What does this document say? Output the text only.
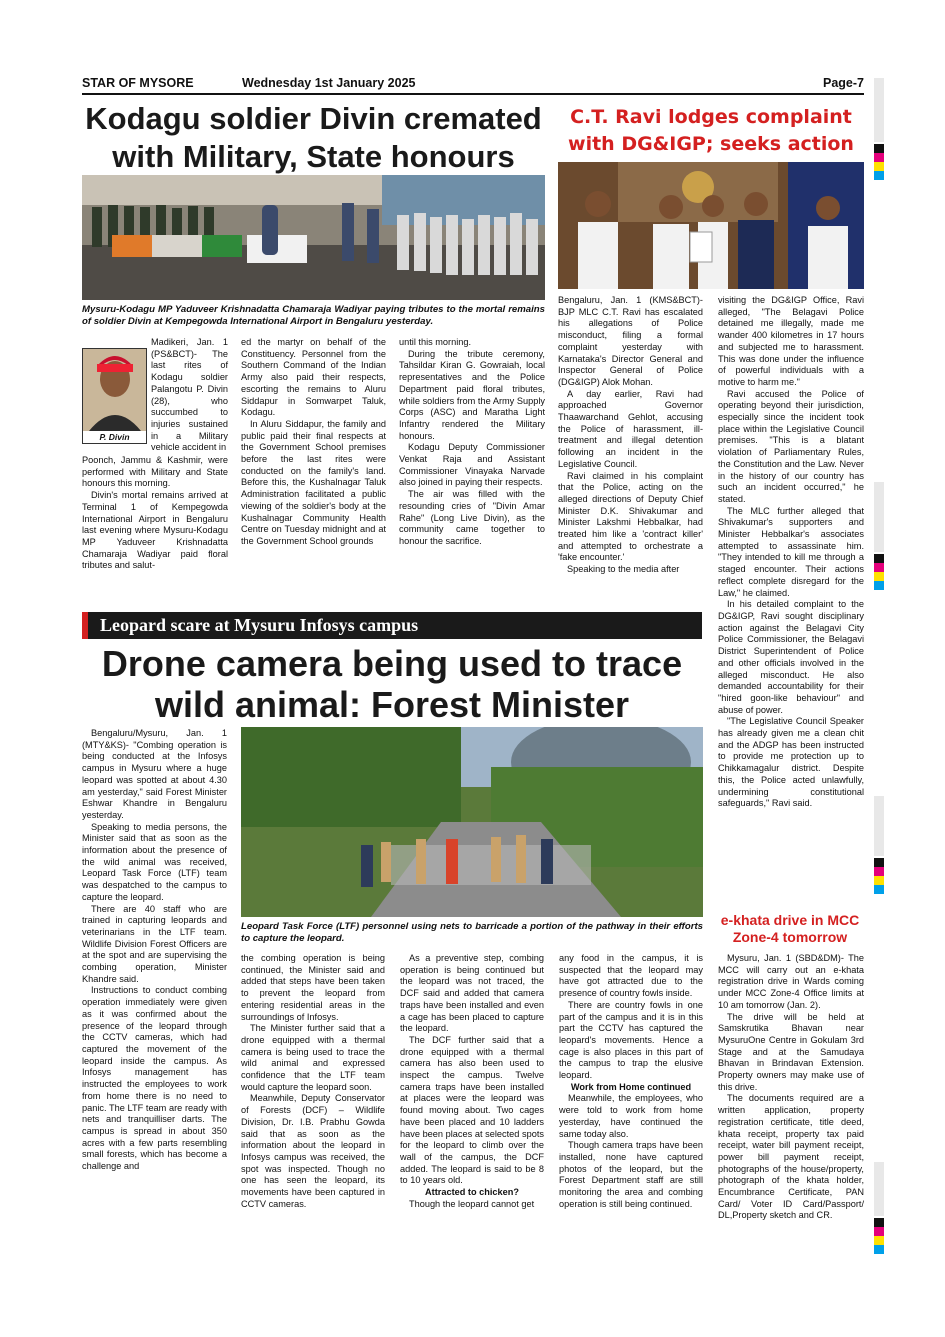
STAR OF MYSORE	Wednesday 1st January 2025	Page-7
Kodagu soldier Divin cremated
with Military, State honours
C.T. Ravi lodges complaint
with DG&IGP; seeks action
Mysuru-Kodagu MP Yaduveer Krishnadatta Chamaraja Wadiyar paying tributes to the mortal remains of soldier Divin at Kempegowda International Airport in Bengaluru yesterday.
P. Divin

Madikeri, Jan. 1 (PS&BCT)- The last rites of Kodagu soldier Palangotu P. Divin (28), who succumbed to injuries sustained in a Military vehicle accident in

Poonch, Jammu & Kashmir, were performed with Military and State honours this morning.

Divin's mortal remains arrived at Terminal 1 of Kempegowda International Airport in Bengaluru last evening where Mysuru-Kodagu MP Yaduveer Krishnadatta Chamaraja Wadiyar paid floral tributes and salut-

ed the martyr on behalf of the Constituency. Personnel from the Southern Command of the Indian Army also paid their respects, escorting the remains to Aluru Siddapur in Somwarpet Taluk, Kodagu.

In Aluru Siddapur, the family and public paid their final respects at the Government School premises before the last rites were conducted on the family's land. Before this, the Kushalnagar Taluk Administration facilitated a public viewing of the soldier's body at the Kushalnagar Community Health Centre on Tuesday midnight and at the Government School grounds

until this morning.

During the tribute ceremony, Tahsildar Kiran G. Gowraiah, local representatives and the Police Department paid floral tributes, while soldiers from the Army Supply Corps (ASC) and Maratha Light Infantry rendered the Military honours.

Kodagu Deputy Commissioner Venkat Raja and Assistant Commissioner Vinayaka Narvade also joined in paying their respects.

The air was filled with the resounding cries of "Divin Amar Rahe" (Long Live Divin), as the community came together to honour the sacrifice.

Bengaluru, Jan. 1 (KMS&BCT)- BJP MLC C.T. Ravi has escalated his allegations of Police misconduct, filing a formal complaint yesterday with Karnataka's Director General and Inspector General of Police (DG&IGP) Alok Mohan.

A day earlier, Ravi had approached Governor Thaawarchand Gehlot, accusing the Police of harassment, ill-treatment and illegal detention following an incident in the Legislative Council.

Ravi claimed in his complaint that the Police, acting on the alleged directions of Deputy Chief Minister D.K. Shivakumar and Minister Lakshmi Hebbalkar, had treated him like a 'contract killer' and attempted to orchestrate a 'fake encounter.'

Speaking to the media after

visiting the DG&IGP Office, Ravi alleged, "The Belagavi Police detained me illegally, made me wander 400 kilometres in 17 hours and subjected me to harassment. This was done under the influence of powerful individuals with a motive to harm me."

Ravi accused the Police of operating beyond their jurisdiction, especially since the incident took place within the Legislative Council premises. "This is a blatant violation of Parliamentary Rules, the Constitution and the Law. Never in the history of our country has such an incident occurred," he stated.

The MLC further alleged that Shivakumar's supporters and Minister Hebbalkar's associates attempted to assassinate him. "They intended to kill me through a staged encounter. Their actions reflect complete disregard for the Law," he claimed.

In his detailed complaint to the DG&IGP, Ravi sought disciplinary action against the Belagavi City Police Commissioner, the Belagavi District Superintendent of Police and other officials involved in the alleged misconduct. He also demanded accountability for their "hired goon-like behaviour" and abuse of power.

"The Legislative Council Speaker has already given me a clean chit and the ADGP has been instructed to provide me protection up to Chikkamagalur district. Despite this, the Police acted unlawfully, undermining constitutional safeguards," Ravi said.

Leopard scare at Mysuru Infosys campus
Drone camera being used to trace
wild animal: Forest Minister
Leopard Task Force (LTF) personnel using nets to barricade a portion of the pathway in their efforts to capture the leopard.

Bengaluru/Mysuru, Jan. 1 (MTY&KS)- "Combing operation is being conducted at the Infosys campus in Mysuru where a huge leopard was spotted at about 4.30 am yesterday," said Forest Minister Eshwar Khandre in Bengaluru yesterday.

Speaking to media persons, the Minister said that as soon as the information about the presence of the wild animal was received, Leopard Task Force (LTF) team was despatched to the campus to capture the leopard.

There are 40 staff who are trained in capturing leopards and veterinarians in the LTF team. Wildlife Division Forest Officers are at the spot and are supervising the combing operation, Minister Khandre said.

Instructions to conduct combing operation immediately were given as it was confirmed about the presence of the leopard through the CCTV cameras, which had captured the movement of the leopard inside the campus. As Infosys management has instructed the employees to work from home there is no need to panic. The LTF team are ready with nets and tranquilliser darts. The campus is spread in about 350 acres with a few parts resembling small forests, which has become a challenge and

the combing operation is being continued, the Minister said and added that steps have been taken to prevent the leopard from entering residential areas in the surroundings of Infosys.

The Minister further said that a drone equipped with a thermal camera is being used to trace the wild animal and expressed confidence that the LTF team would capture the leopard soon.

Meanwhile, Deputy Conservator of Forests (DCF) – Wildlife Division, Dr. I.B. Prabhu Gowda said that as soon as the information about the leopard in Infosys campus was received, the spot was inspected. Though no one has seen the leopard, its movements have been captured in CCTV cameras.

As a preventive step, combing operation is being continued but the leopard was not traced, the DCF said and added that camera traps have been installed and even a cage has been placed to capture the leopard.

The DCF further said that a drone equipped with a thermal camera has also been used to inspect the campus. Twelve camera traps have been installed at places were the leopard was found moving about. Two cages have been placed and 10 ladders have been places at selected spots for the leopard to climb over the wall of the campus, the DCF added. The leopard is said to be 8 to 10 years old.

Attracted to chicken?

Though the leopard cannot get

any food in the campus, it is suspected that the leopard may have got attracted due to the presence of country fowls inside.

There are country fowls in one part of the campus and it is in this part the CCTV has captured the leopard's movements. Hence a cage is also places in this part of the campus to trap the elusive leopard.

Work from Home continued

Meanwhile, the employees, who were told to work from home yesterday, have continued the same today also.

Though camera traps have been installed, none have captured photos of the leopard, but the Forest Department staff are still monitoring the area and combing operation is still being continued.

e-khata drive in MCC
Zone-4 tomorrow

Mysuru, Jan. 1 (SBD&DM)- The MCC will carry out an e-khata registration drive in Wards coming under MCC Zone-4 Office limits at 10 am tomorrow (Jan. 2).

The drive will be held at Samskrutika Bhavan near MysuruOne Centre in Gokulam 3rd Stage and at the Samudaya Bhavan in Brindavan Extension. Property owners may make use of this drive.

The documents required are a written application, property registration certificate, title deed, khata receipt, property tax paid receipt, water bill payment receipt, power bill payment receipt, photographs of the house/property, photograph of the khata holder, Encumbrance Certificate, PAN Card/ Voter ID Card/Passport/ DL,Property sketch and CR.
